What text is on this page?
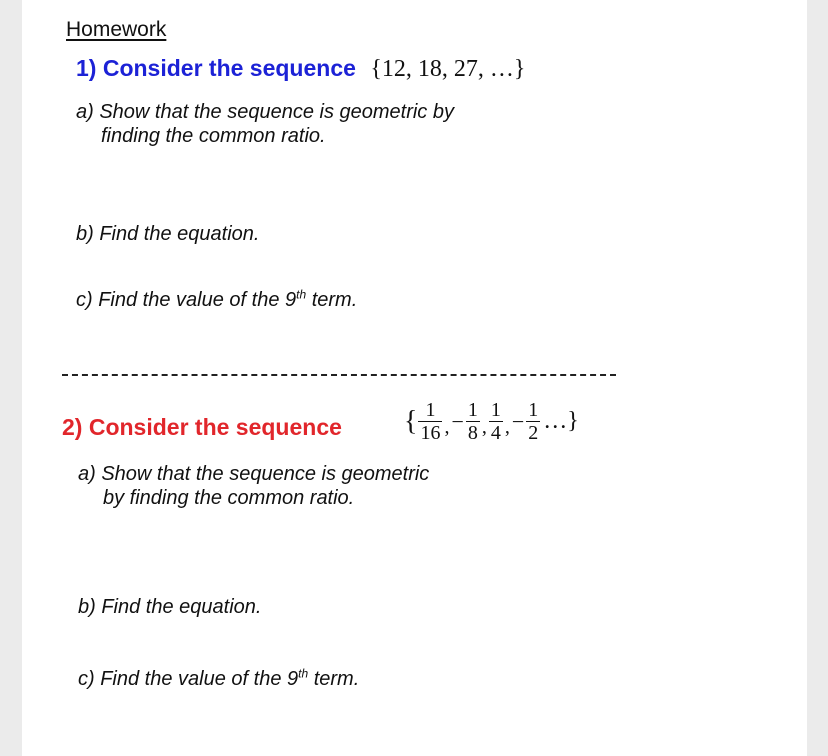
Homework
1) Consider the sequence {12, 18, 27, …}
a) Show that the sequence is geometric by
finding the common ratio.
b) Find the equation.
c) Find the value of the 9th term.
2) Consider the sequence { $\frac{1}{16}$ , − $\frac{1}{8}$ , $\frac{1}{4}$ , − $\frac{1}{2}$ …}
a) Show that the sequence is geometric
by finding the common ratio.
b) Find the equation.
c) Find the value of the 9th term.
